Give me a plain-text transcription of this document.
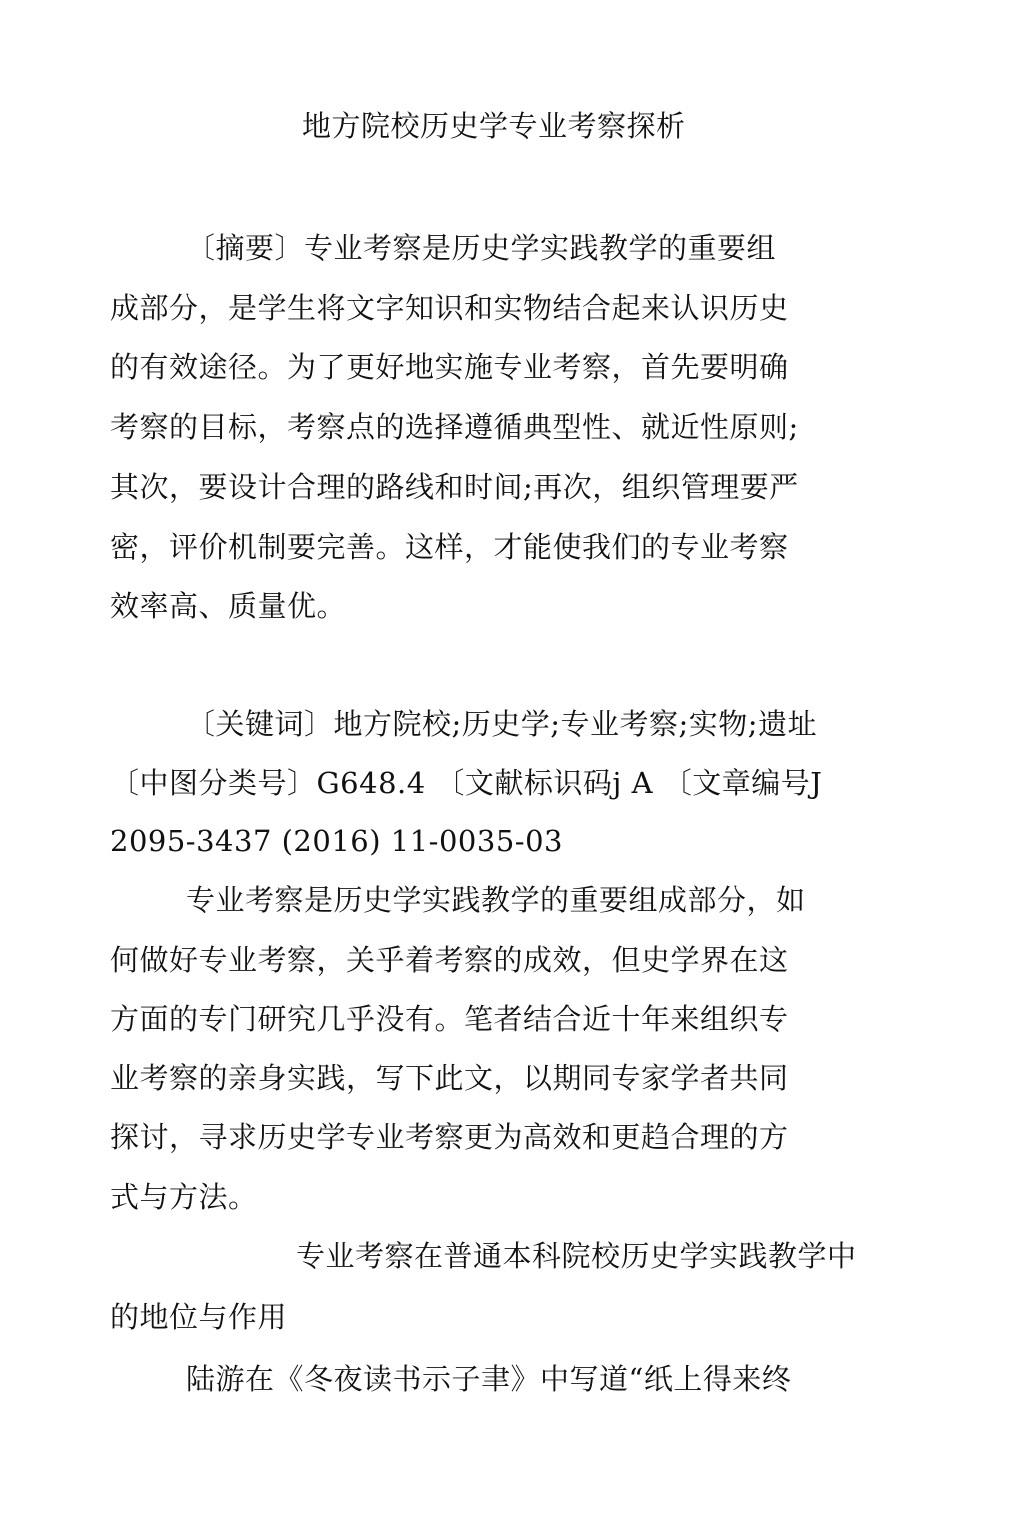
地方院校历史学专业考察探析
〔摘要〕专业考察是历史学实践教学的重要组
成部分，是学生将文字知识和实物结合起来认识历史
的有效途径。为了更好地实施专业考察，首先要明确
考察的目标，考察点的选择遵循典型性、就近性原则;
其次，要设计合理的路线和时间;再次，组织管理要严
密，评价机制要完善。这样，才能使我们的专业考察
效率高、质量优。
〔关键词〕地方院校;历史学;专业考察;实物;遗址
〔中图分类号〕G648.4 〔文献标识码j A 〔文章编号J
2095-3437 (2016) 11-0035-03
专业考察是历史学实践教学的重要组成部分，如
何做好专业考察，关乎着考察的成效，但史学界在这
方面的专门研究几乎没有。笔者结合近十年来组织专
业考察的亲身实践，写下此文，以期同专家学者共同
探讨，寻求历史学专业考察更为高效和更趋合理的方
式与方法。
专业考察在普通本科院校历史学实践教学中
的地位与作用
陆游在《冬夜读书示子聿》中写道“纸上得来终
